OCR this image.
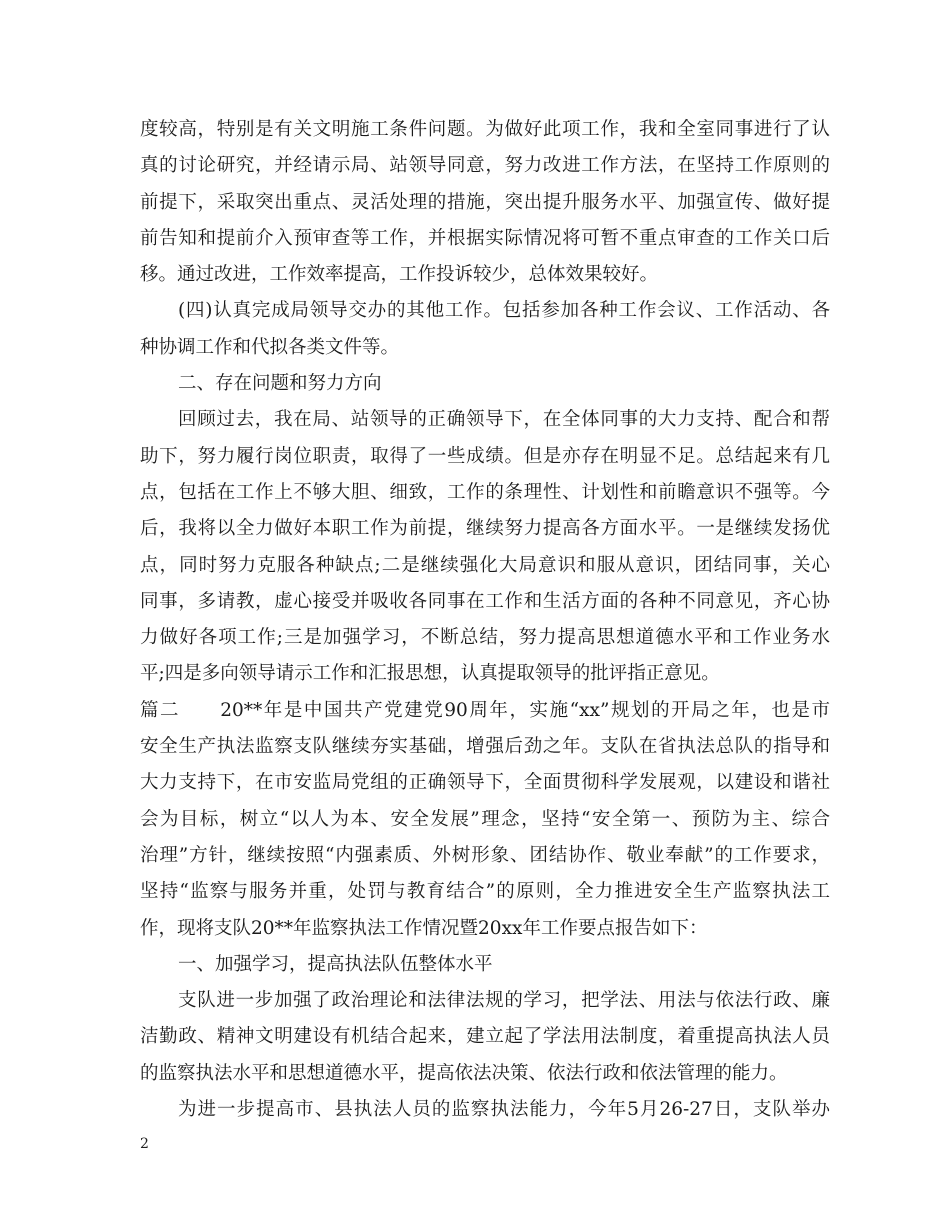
度较高，特别是有关文明施工条件问题。为做好此项工作，我和全室同事进行了认
真的讨论研究，并经请示局、站领导同意，努力改进工作方法，在坚持工作原则的
前提下，采取突出重点、灵活处理的措施，突出提升服务水平、加强宣传、做好提
前告知和提前介入预审查等工作，并根据实际情况将可暂不重点审查的工作关口后
移。通过改进，工作效率提高，工作投诉较少，总体效果较好。
(四)认真完成局领导交办的其他工作。包括参加各种工作会议、工作活动、各
种协调工作和代拟各类文件等。
二、存在问题和努力方向
回顾过去，我在局、站领导的正确领导下，在全体同事的大力支持、配合和帮
助下，努力履行岗位职责，取得了一些成绩。但是亦存在明显不足。总结起来有几
点，包括在工作上不够大胆、细致，工作的条理性、计划性和前瞻意识不强等。今
后，我将以全力做好本职工作为前提，继续努力提高各方面水平。一是继续发扬优
点，同时努力克服各种缺点;二是继续强化大局意识和服从意识，团结同事，关心
同事，多请教，虚心接受并吸收各同事在工作和生活方面的各种不同意见，齐心协
力做好各项工作;三是加强学习，不断总结，努力提高思想道德水平和工作业务水
平;四是多向领导请示工作和汇报思想，认真提取领导的批评指正意见。
篇二　　20**年是中国共产党建党90周年，实施“xx”规划的开局之年，也是市
安全生产执法监察支队继续夯实基础，增强后劲之年。支队在省执法总队的指导和
大力支持下，在市安监局党组的正确领导下，全面贯彻科学发展观，以建设和谐社
会为目标，树立“以人为本、安全发展”理念，坚持“安全第一、预防为主、综合
治理”方针，继续按照“内强素质、外树形象、团结协作、敬业奉献”的工作要求，
坚持“监察与服务并重，处罚与教育结合”的原则，全力推进安全生产监察执法工
作，现将支队20**年监察执法工作情况暨20xx年工作要点报告如下：
一、加强学习，提高执法队伍整体水平
支队进一步加强了政治理论和法律法规的学习，把学法、用法与依法行政、廉
洁勤政、精神文明建设有机结合起来，建立起了学法用法制度，着重提高执法人员
的监察执法水平和思想道德水平，提高依法决策、依法行政和依法管理的能力。
为进一步提高市、县执法人员的监察执法能力，今年5月26-27日，支队举办
2
